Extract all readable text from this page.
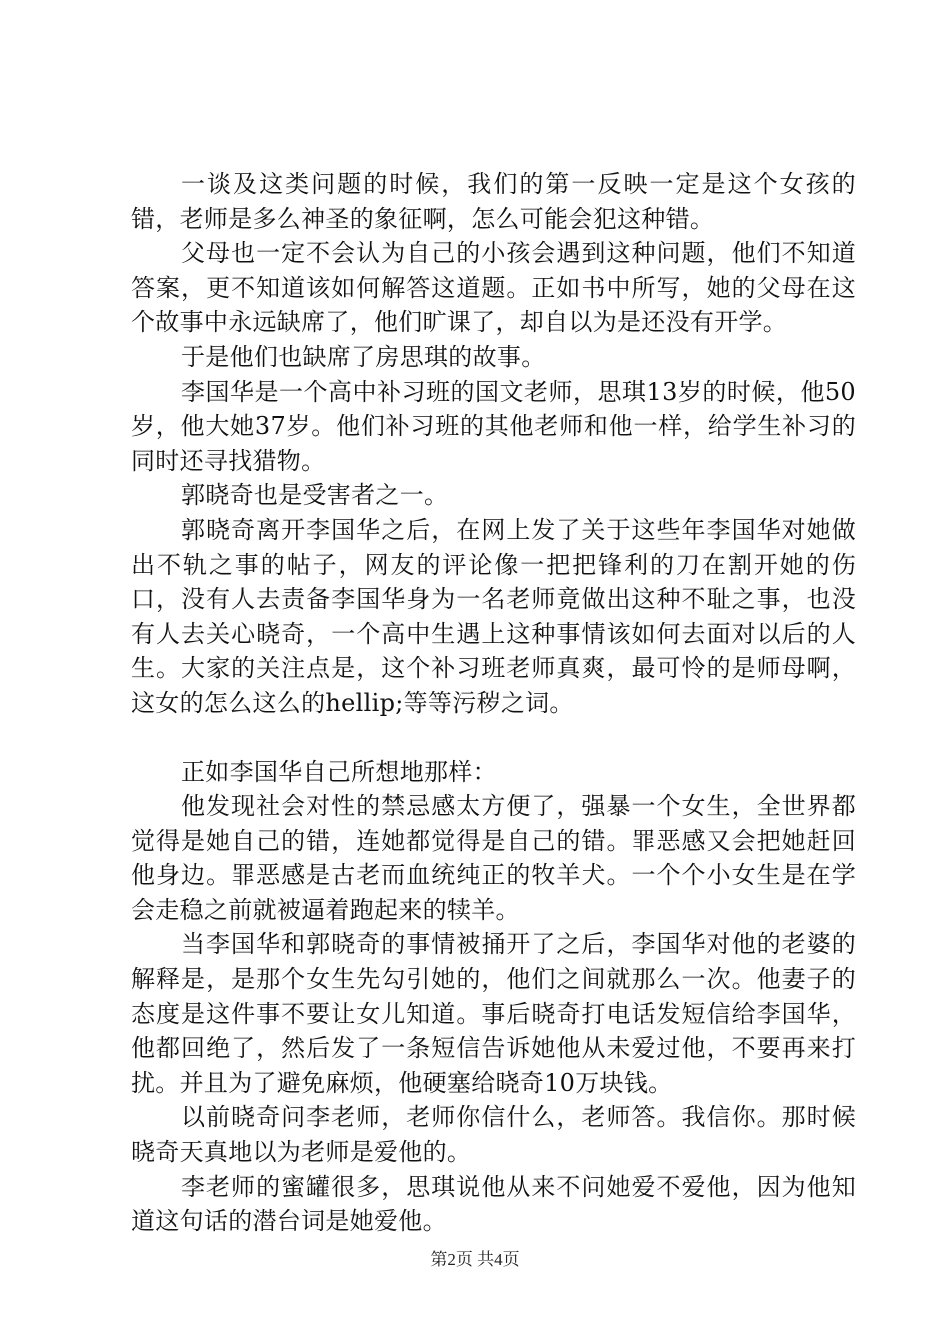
一谈及这类问题的时候，我们的第一反映一定是这个女孩的错，老师是多么神圣的象征啊，怎么可能会犯这种错。

父母也一定不会认为自己的小孩会遇到这种问题，他们不知道答案，更不知道该如何解答这道题。正如书中所写，她的父母在这个故事中永远缺席了，他们旷课了，却自以为是还没有开学。

于是他们也缺席了房思琪的故事。

李国华是一个高中补习班的国文老师，思琪13岁的时候，他50岁，他大她37岁。他们补习班的其他老师和他一样，给学生补习的同时还寻找猎物。

郭晓奇也是受害者之一。

郭晓奇离开李国华之后，在网上发了关于这些年李国华对她做出不轨之事的帖子，网友的评论像一把把锋利的刀在割开她的伤口，没有人去责备李国华身为一名老师竟做出这种不耻之事，也没有人去关心晓奇，一个高中生遇上这种事情该如何去面对以后的人生。大家的关注点是，这个补习班老师真爽，最可怜的是师母啊，这女的怎么这么的hellip;等等污秽之词。

正如李国华自己所想地那样：

他发现社会对性的禁忌感太方便了，强暴一个女生，全世界都觉得是她自己的错，连她都觉得是自己的错。罪恶感又会把她赶回他身边。罪恶感是古老而血统纯正的牧羊犬。一个个小女生是在学会走稳之前就被逼着跑起来的犊羊。

当李国华和郭晓奇的事情被捅开了之后，李国华对他的老婆的解释是，是那个女生先勾引她的，他们之间就那么一次。他妻子的态度是这件事不要让女儿知道。事后晓奇打电话发短信给李国华，他都回绝了，然后发了一条短信告诉她他从未爱过他，不要再来打扰。并且为了避免麻烦，他硬塞给晓奇10万块钱。

以前晓奇问李老师，老师你信什么，老师答。我信你。那时候晓奇天真地以为老师是爱他的。

李老师的蜜罐很多，思琪说他从来不问她爱不爱他，因为他知道这句话的潜台词是她爱他。

第2页 共4页
